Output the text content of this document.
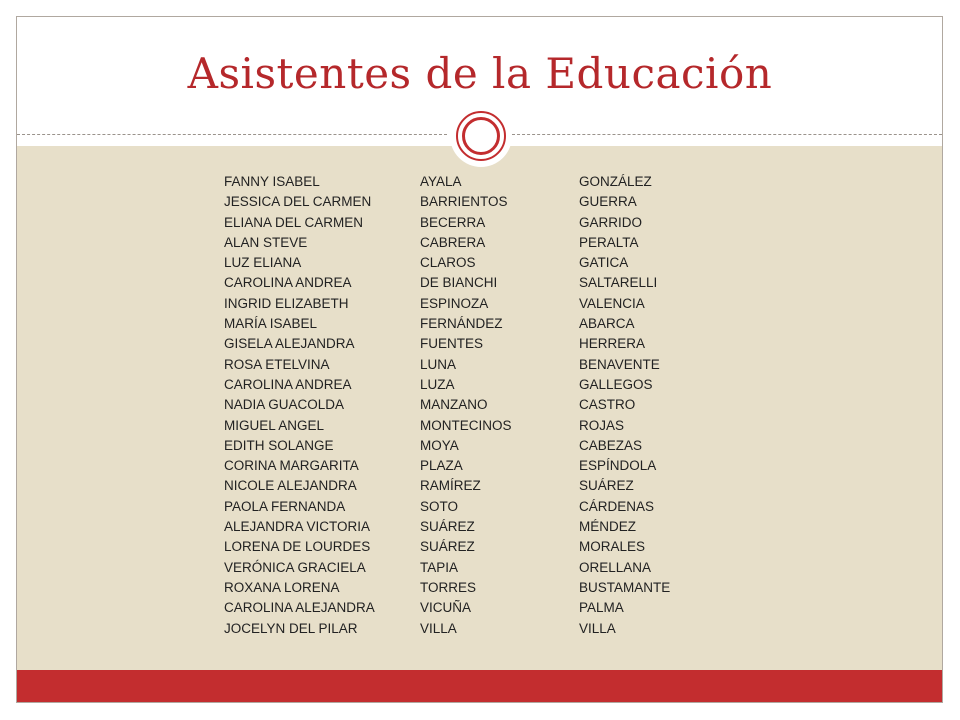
Asistentes de la Educación
FANNY ISABEL	AYALA	GONZÁLEZ
JESSICA DEL CARMEN	BARRIENTOS	GUERRA
ELIANA DEL CARMEN	BECERRA	GARRIDO
ALAN STEVE	CABRERA	PERALTA
LUZ ELIANA	CLAROS	GATICA
CAROLINA ANDREA	DE BIANCHI	SALTARELLI
INGRID ELIZABETH	ESPINOZA	VALENCIA
MARÍA ISABEL	FERNÁNDEZ	ABARCA
GISELA ALEJANDRA	FUENTES	HERRERA
ROSA ETELVINA	LUNA	BENAVENTE
CAROLINA ANDREA	LUZA	GALLEGOS
NADIA GUACOLDA	MANZANO	CASTRO
MIGUEL ANGEL	MONTECINOS	ROJAS
EDITH SOLANGE	MOYA	CABEZAS
CORINA MARGARITA	PLAZA	ESPÍNDOLA
NICOLE ALEJANDRA	RAMÍREZ	SUÁREZ
PAOLA FERNANDA	SOTO	CÁRDENAS
ALEJANDRA VICTORIA	SUÁREZ	MÉNDEZ
LORENA DE LOURDES	SUÁREZ	MORALES
VERÓNICA GRACIELA	TAPIA	ORELLANA
ROXANA LORENA	TORRES	BUSTAMANTE
CAROLINA ALEJANDRA	VICUÑA	PALMA
JOCELYN DEL PILAR	VILLA	VILLA
